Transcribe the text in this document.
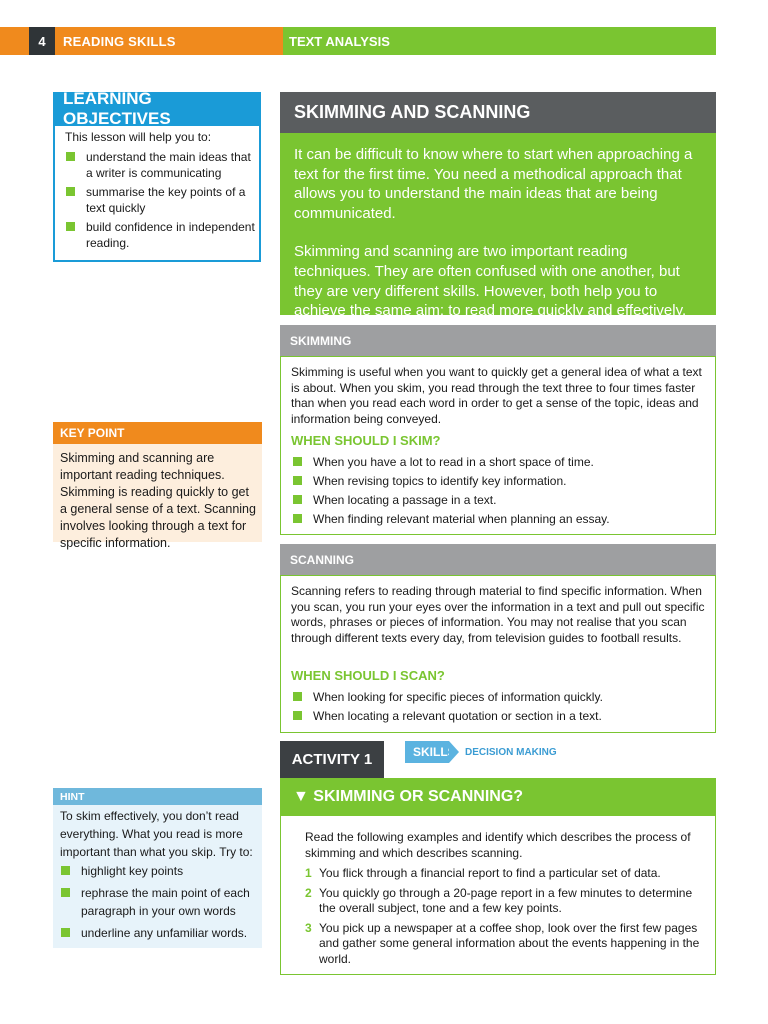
4	READING SKILLS	TEXT ANALYSIS
LEARNING OBJECTIVES
This lesson will help you to:
understand the main ideas that a writer is communicating
summarise the key points of a text quickly
build confidence in independent reading.
SKIMMING AND SCANNING

It can be difficult to know where to start when approaching a text for the first time. You need a methodical approach that allows you to understand the main ideas that are being communicated.

Skimming and scanning are two important reading techniques. They are often confused with one another, but they are very different skills. However, both help you to achieve the same aim: to read more quickly and effectively.

SKIMMING
Skimming is useful when you want to quickly get a general idea of what a text is about. When you skim, you read through the text three to four times faster than when you read each word in order to get a sense of the topic, ideas and information being conveyed.
WHEN SHOULD I SKIM?
When you have a lot to read in a short space of time.
When revising topics to identify key information.
When locating a passage in a text.
When finding relevant material when planning an essay.
SCANNING
Scanning refers to reading through material to find specific information. When you scan, you run your eyes over the information in a text and pull out specific words, phrases or pieces of information. You may not realise that you scan through different texts every day, from television guides to football results.
WHEN SHOULD I SCAN?
When looking for specific pieces of information quickly.
When locating a relevant quotation or section in a text.
KEY POINT
Skimming and scanning are important reading techniques. Skimming is reading quickly to get a general sense of a text. Scanning involves looking through a text for specific information.
ACTIVITY 1	SKILLS DECISION MAKING
▼ SKIMMING OR SCANNING?
Read the following examples and identify which describes the process of skimming and which describes scanning.
1 You flick through a financial report to find a particular set of data.
2 You quickly go through a 20-page report in a few minutes to determine the overall subject, tone and a few key points.
3 You pick up a newspaper at a coffee shop, look over the first few pages and gather some general information about the events happening in the world.
HINT
To skim effectively, you don’t read everything. What you read is more important than what you skip. Try to:
highlight key points
rephrase the main point of each paragraph in your own words
underline any unfamiliar words.
